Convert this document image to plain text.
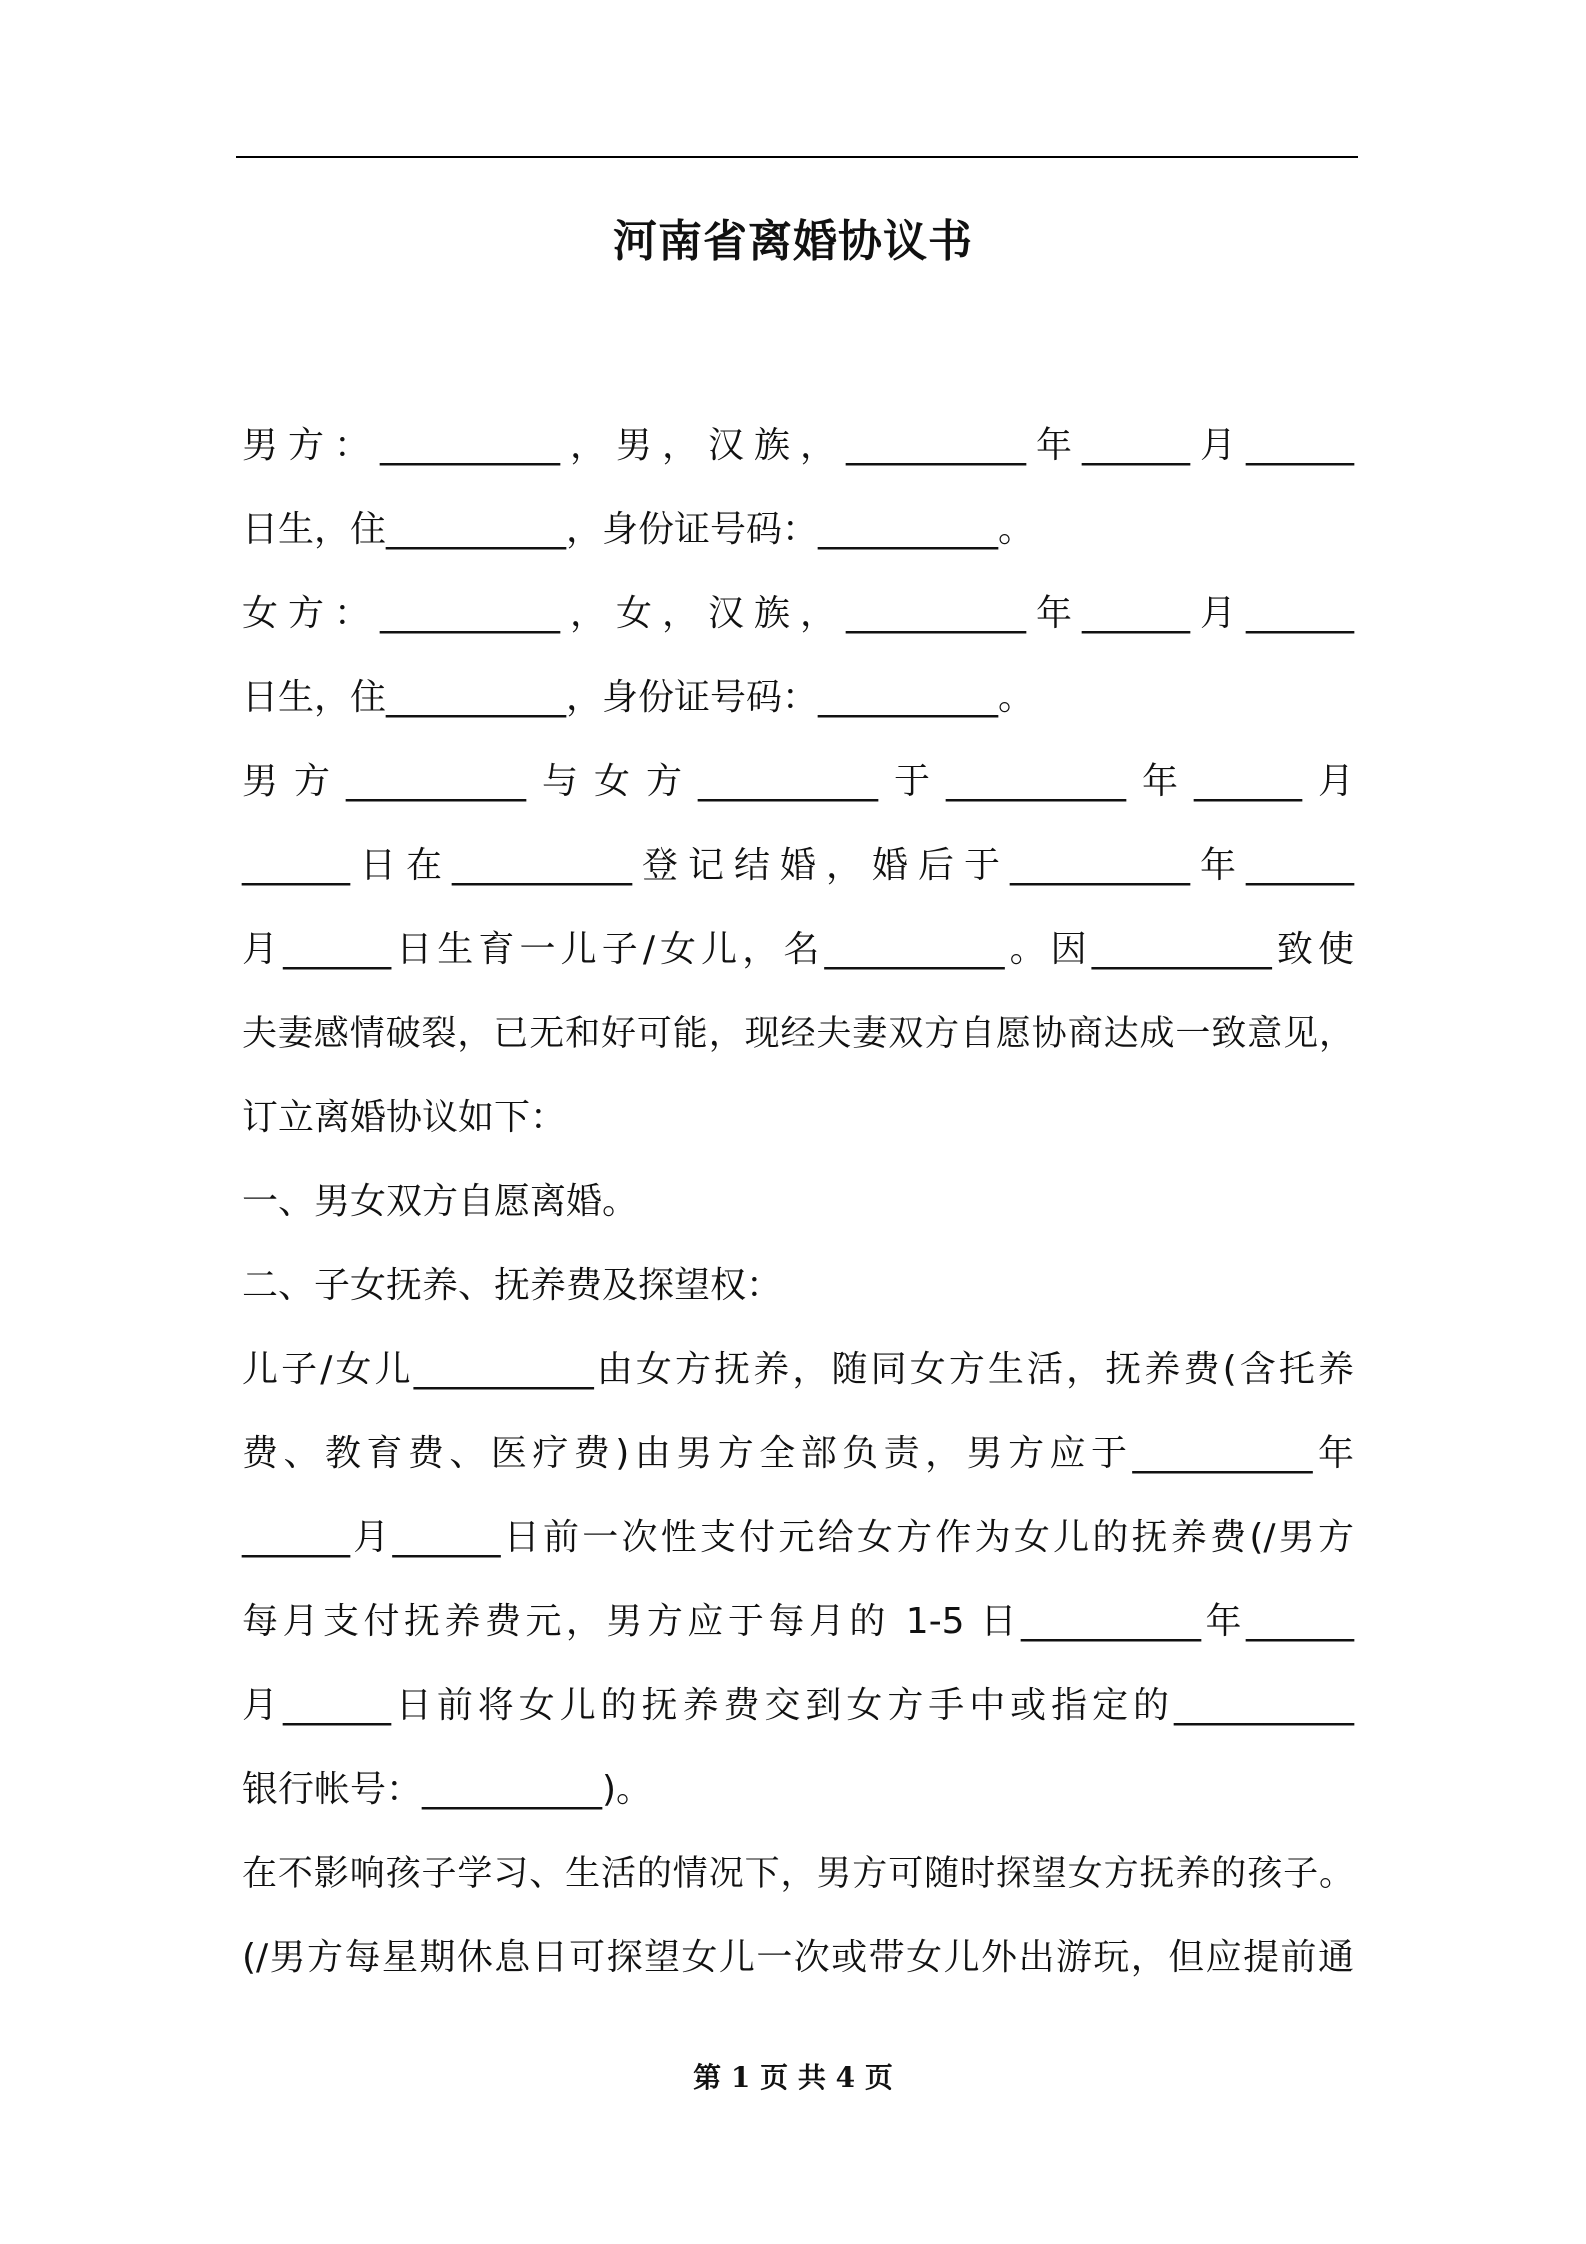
河南省离婚协议书
男方：__________，男，汉族，__________年______月______
日生，住__________，身份证号码：__________。
女方：__________，女，汉族，__________年______月______
日生，住__________，身份证号码：__________。
男方__________与女方__________于__________年______月
______日在__________登记结婚，婚后于__________年______
月______日生育一儿子/女儿，名__________。因__________致使
夫妻感情破裂，已无和好可能，现经夫妻双方自愿协商达成一致意见，
订立离婚协议如下：
一、男女双方自愿离婚。
二、子女抚养、抚养费及探望权：
儿子/女儿__________由女方抚养，随同女方生活，抚养费(含托养
费、教育费、医疗费)由男方全部负责，男方应于__________年
______月______日前一次性支付元给女方作为女儿的抚养费(/男方
每月支付抚养费元，男方应于每月的 1-5 日__________年______
月______日前将女儿的抚养费交到女方手中或指定的__________
银行帐号：__________)。
在不影响孩子学习、生活的情况下，男方可随时探望女方抚养的孩子。
(/男方每星期休息日可探望女儿一次或带女儿外出游玩，但应提前通
第 1 页 共 4 页
